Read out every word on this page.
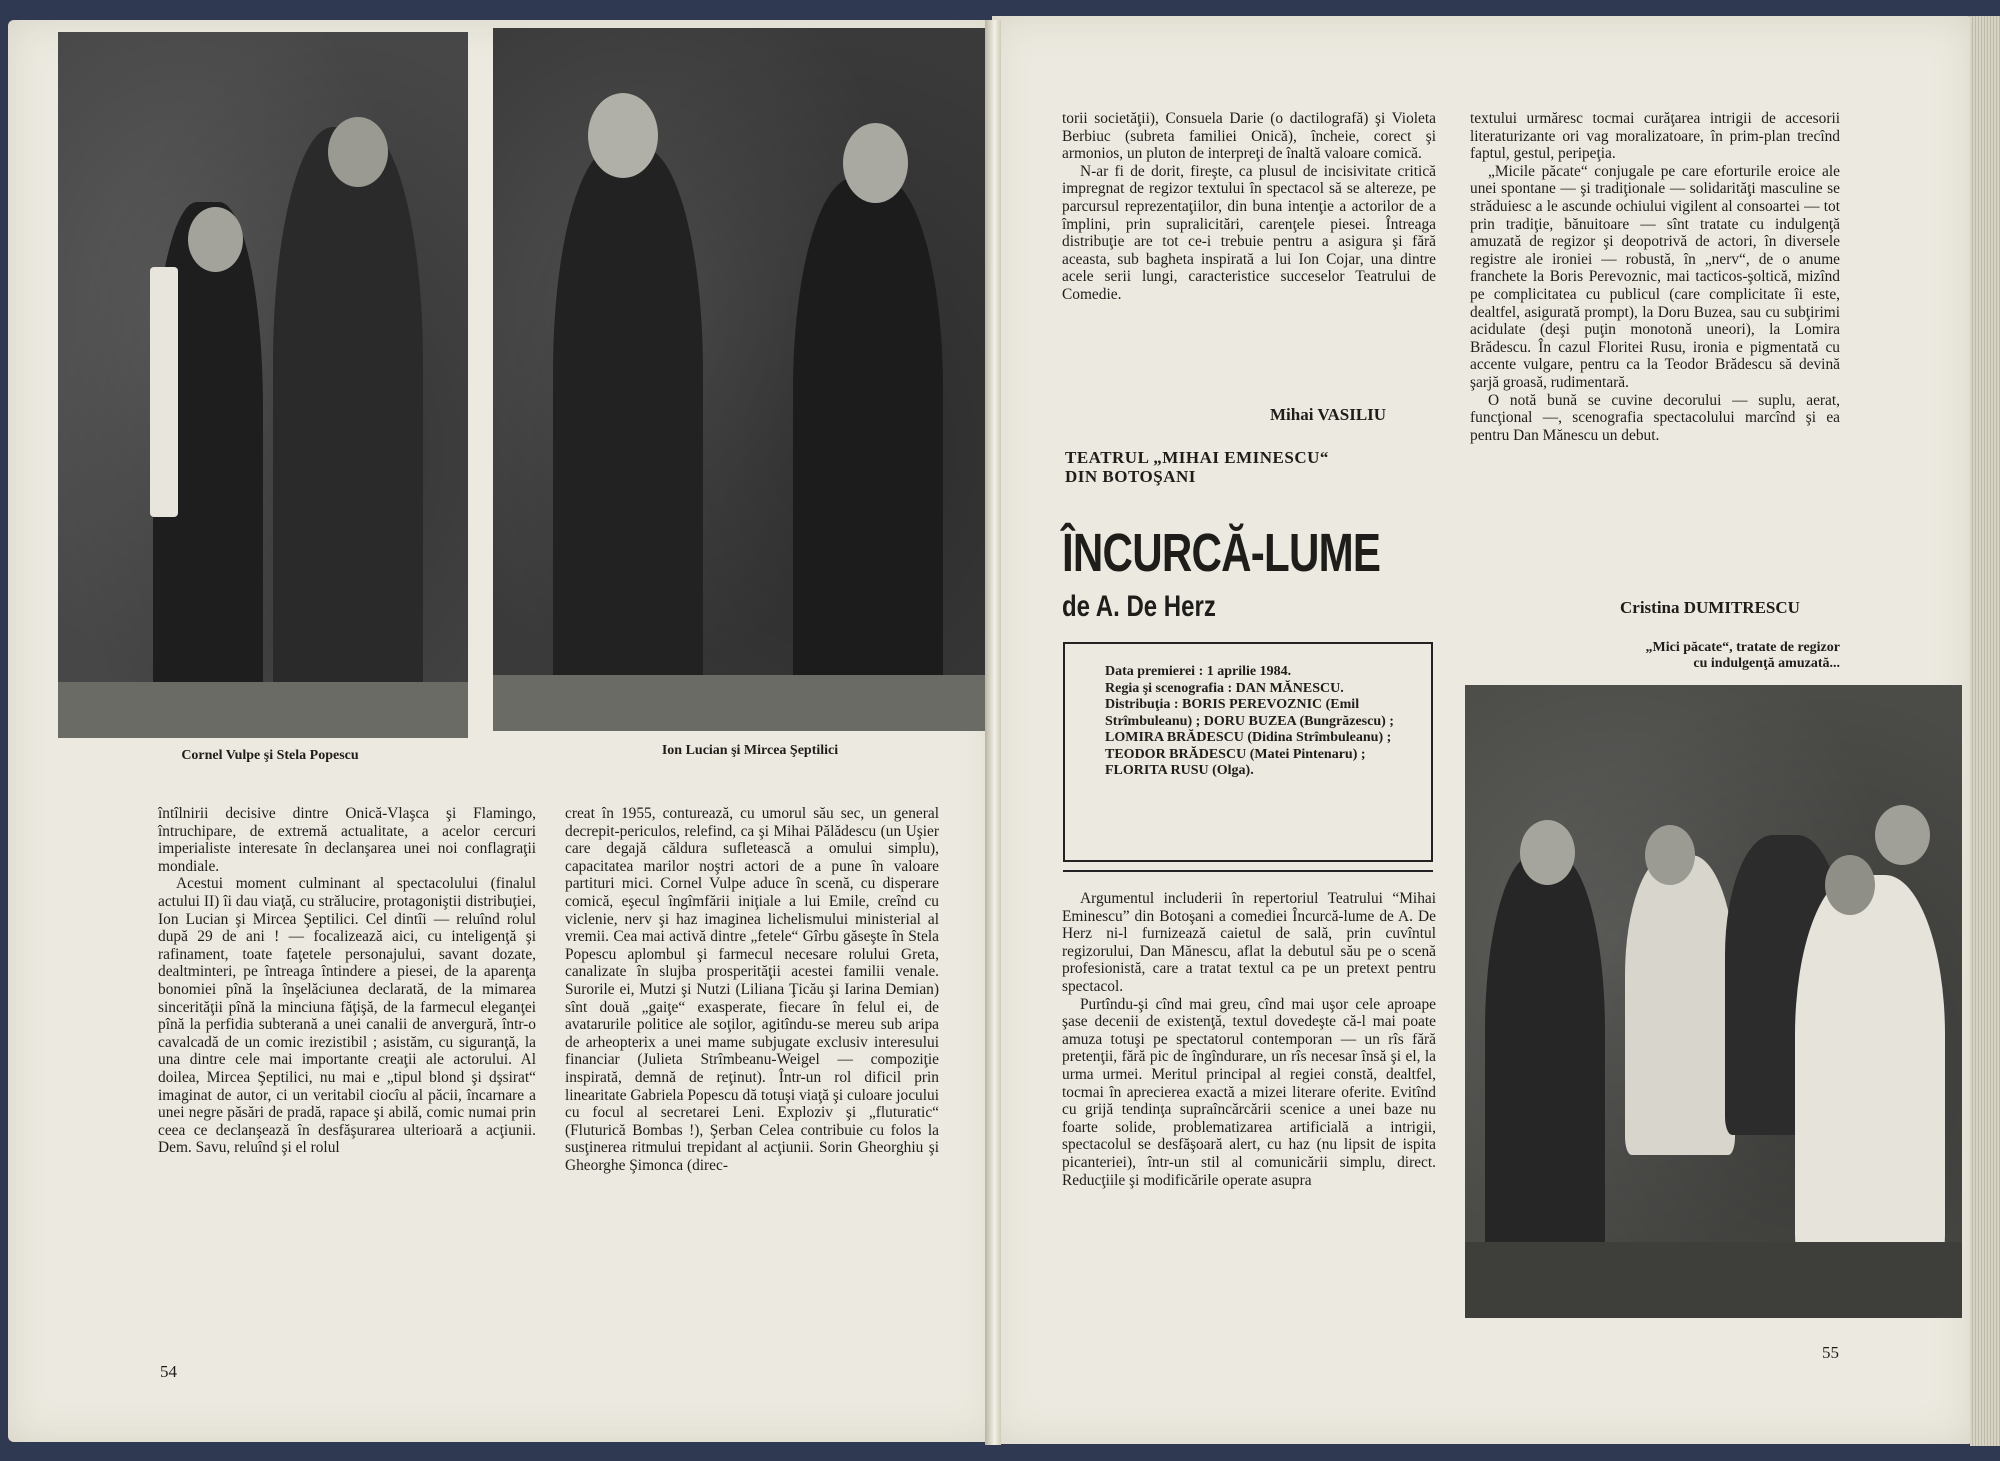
Cornel Vulpe şi Stela Popescu	Ion Lucian şi Mircea Şeptilici

întîlnirii decisive dintre Onică-Vlaşca şi Flamingo, întruchipare, de extremă actualitate, a acelor cercuri imperialiste interesate în declanşarea unei noi conflagraţii mondiale.

Acestui moment culminant al spectacolului (finalul actului II) îi dau viaţă, cu strălucire, protagoniştii distribuţiei, Ion Lucian şi Mircea Şeptilici. Cel dintîi — reluînd rolul după 29 de ani ! — focalizează aici, cu inteligenţă şi rafinament, toate faţetele personajului, savant dozate, dealtminteri, pe întreaga întindere a piesei, de la aparenţa bonomiei pînă la înşelăciunea declarată, de la mimarea sincerităţii pînă la minciuna făţişă, de la farmecul eleganţei pînă la perfidia subterană a unei canalii de anvergură, într-o cavalcadă de un comic irezistibil ; asistăm, cu siguranţă, la una dintre cele mai importante creaţii ale actorului. Al doilea, Mircea Şeptilici, nu mai e „tipul blond şi dşsirat“ imaginat de autor, ci un veritabil ciocîu al păcii, încarnare a unei negre păsări de pradă, rapace şi abilă, comic numai prin ceea ce declanşează în desfăşurarea ulterioară a acţiunii. Dem. Savu, reluînd şi el rolul

creat în 1955, conturează, cu umorul său sec, un general decrepit-periculos, relefind, ca şi Mihai Pălădescu (un Uşier care degajă căldura sufletească a omului simplu), capacitatea marilor noştri actori de a pune în valoare partituri mici. Cornel Vulpe aduce în scenă, cu disperare comică, eşecul îngîmfării iniţiale a lui Emile, creînd cu viclenie, nerv şi haz imaginea lichelismului ministerial al vremii. Cea mai activă dintre „fetele“ Gîrbu găseşte în Stela Popescu aplombul şi farmecul necesare rolului Greta, canalizate în slujba prosperităţii acestei familii venale. Surorile ei, Mutzi şi Nutzi (Liliana Ţicău şi Iarina Demian) sînt două „gaiţe“ exasperate, fiecare în felul ei, de avatarurile politice ale soţilor, agitîndu-se mereu sub aripa de arheopterix a unei mame subjugate exclusiv interesului financiar (Julieta Strîmbeanu-Weigel — compoziţie inspirată, demnă de reţinut). Într-un rol dificil prin linearitate Gabriela Popescu dă totuşi viaţă şi culoare jocului cu focul al secretarei Leni. Exploziv şi „fluturatic“ (Fluturică Bombas !), Şerban Celea contribuie cu folos la susţinerea ritmului trepidant al acţiunii. Sorin Gheorghiu şi Gheorghe Şimonca (direc-

54

torii societăţii), Consuela Darie (o dactilografă) şi Violeta Berbiuc (subreta familiei Onică), încheie, corect şi armonios, un pluton de interpreţi de înaltă valoare comică.

N-ar fi de dorit, fireşte, ca plusul de incisivitate critică impregnat de regizor textului în spectacol să se altereze, pe parcursul reprezentaţiilor, din buna intenţie a actorilor de a împlini, prin supralicitări, carenţele piesei. Întreaga distribuţie are tot ce-i trebuie pentru a asigura şi fără aceasta, sub bagheta inspirată a lui Ion Cojar, una dintre acele serii lungi, caracteristice succeselor Teatrului de Comedie.

Mihai VASILIU
TEATRUL „MIHAI EMINESCU“
DIN BOTOŞANI
ÎNCURCĂ-LUME
de A. De Herz
Data premierei : 1 aprilie 1984.
Regia şi scenografia : DAN MĂNESCU.
Distribuţia : BORIS PEREVOZNIC (Emil Strîmbuleanu) ; DORU BUZEA (Bungrăzescu) ; LOMIRA BRĂDESCU (Didina Strîmbuleanu) ; TEODOR BRĂDESCU (Matei Pintenaru) ; FLORITA RUSU (Olga).

Argumentul includerii în repertoriul Teatrului “Mihai Eminescu” din Botoşani a comediei Încurcă-lume de A. De Herz ni-l furnizează caietul de sală, prin cuvîntul regizorului, Dan Mănescu, aflat la debutul său pe o scenă profesionistă, care a tratat textul ca pe un pretext pentru spectacol.

Purtîndu-şi cînd mai greu, cînd mai uşor cele aproape şase decenii de existenţă, textul dovedeşte că-l mai poate amuza totuşi pe spectatorul contemporan — un rîs fără pretenţii, fără pic de îngîndurare, un rîs necesar însă şi el, la urma urmei. Meritul principal al regiei constă, dealtfel, tocmai în aprecierea exactă a mizei literare oferite. Evitînd cu grijă tendinţa supraîncărcării scenice a unei baze nu foarte solide, problematizarea artificială a intrigii, spectacolul se desfăşoară alert, cu haz (nu lipsit de ispita picanteriei), într-un stil al comunicării simplu, direct. Reducţiile şi modificările operate asupra

textului urmăresc tocmai curăţarea intrigii de accesorii literaturizante ori vag moralizatoare, în prim-plan trecînd faptul, gestul, peripeţia.

„Micile păcate“ conjugale pe care eforturile eroice ale unei spontane — şi tradiţionale — solidarităţi masculine se străduiesc a le ascunde ochiului vigilent al consoartei — tot prin tradiţie, bănuitoare — sînt tratate cu indulgenţă amuzată de regizor şi deopotrivă de actori, în diversele registre ale ironiei — robustă, în „nerv“, de o anume franchete la Boris Perevoznic, mai tacticos-şoltică, mizînd pe complicitatea cu publicul (care complicitate îi este, dealtfel, asigurată prompt), la Doru Buzea, sau cu subţirimi acidulate (deşi puţin monotonă uneori), la Lomira Brădescu. În cazul Floritei Rusu, ironia e pigmentată cu accente vulgare, pentru ca la Teodor Brădescu să devină şarjă groasă, rudimentară.

O notă bună se cuvine decorului — suplu, aerat, funcţional —, scenografia spectacolului marcînd şi ea pentru Dan Mănescu un debut.

Cristina DUMITRESCU
„Mici păcate“, tratate de regizor
cu indulgenţă amuzată...
55
